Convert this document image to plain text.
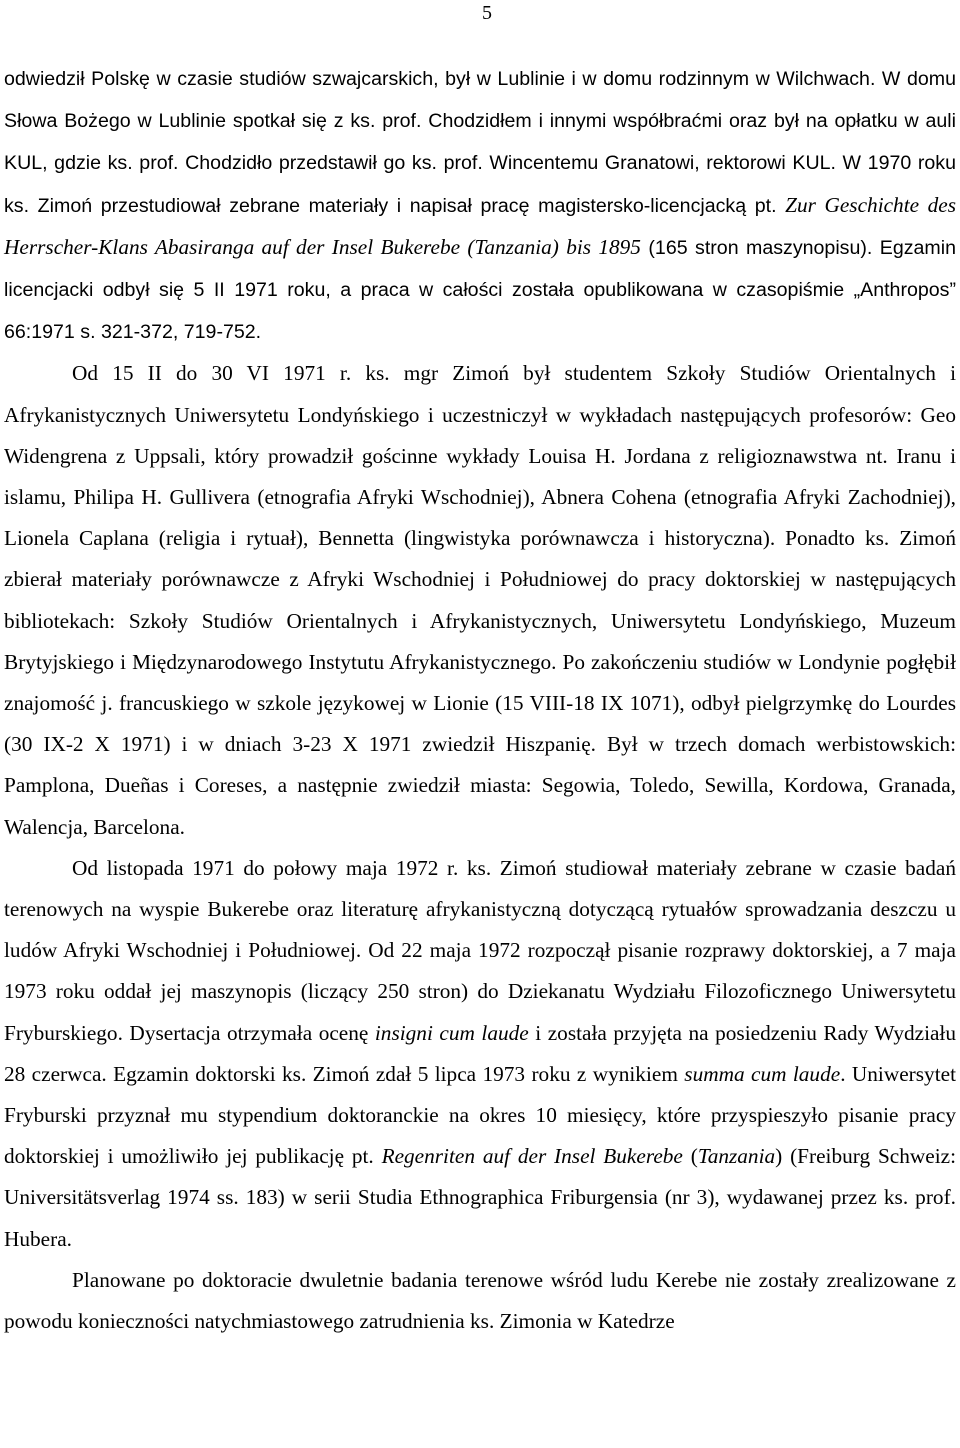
5

odwiedził Polskę w czasie studiów szwajcarskich, był w Lublinie i w domu rodzinnym w Wilchwach. W domu Słowa Bożego w Lublinie spotkał się z ks. prof. Chodzidłem i innymi współbraćmi oraz był na opłatku w auli KUL, gdzie ks. prof. Chodzidło przedstawił go ks. prof. Wincentemu Granatowi, rektorowi KUL. W 1970 roku ks. Zimoń przestudiował zebrane materiały i napisał pracę magistersko-licencjacką pt. Zur Geschichte des Herrscher-Klans Abasiranga auf der Insel Bukerebe (Tanzania) bis 1895 (165 stron maszynopisu). Egzamin licencjacki odbył się 5 II 1971 roku, a praca w całości została opublikowana w czasopiśmie „Anthropos” 66:1971 s. 321-372, 719-752.

Od 15 II do 30 VI 1971 r. ks. mgr Zimoń był studentem Szkoły Studiów Orientalnych i Afrykanistycznych Uniwersytetu Londyńskiego i uczestniczył w wykładach następujących profesorów: Geo Widengrena z Uppsali, który prowadził gościnne wykłady Louisa H. Jordana z religioznawstwa nt. Iranu i islamu, Philipa H. Gullivera (etnografia Afryki Wschodniej), Abnera Cohena (etnografia Afryki Zachodniej), Lionela Caplana (religia i rytuał), Bennetta (lingwistyka porównawcza i historyczna). Ponadto ks. Zimoń zbierał materiały porównawcze z Afryki Wschodniej i Południowej do pracy doktorskiej w następujących bibliotekach: Szkoły Studiów Orientalnych i Afrykanistycznych, Uniwersytetu Londyńskiego, Muzeum Brytyjskiego i Międzynarodowego Instytutu Afrykanistycznego. Po zakończeniu studiów w Londynie pogłębił znajomość j. francuskiego w szkole językowej w Lionie (15 VIII-18 IX 1071), odbył pielgrzymkę do Lourdes (30 IX-2 X 1971) i w dniach 3-23 X 1971 zwiedził Hiszpanię. Był w trzech domach werbistowskich: Pamplona, Dueñas i Coreses, a następnie zwiedził miasta: Segowia, Toledo, Sewilla, Kordowa, Granada, Walencja, Barcelona.

Od listopada 1971 do połowy maja 1972 r. ks. Zimoń studiował materiały zebrane w czasie badań terenowych na wyspie Bukerebe oraz literaturę afrykanistyczną dotyczącą rytuałów sprowadzania deszczu u ludów Afryki Wschodniej i Południowej. Od 22 maja 1972 rozpoczął pisanie rozprawy doktorskiej, a 7 maja 1973 roku oddał jej maszynopis (liczący 250 stron) do Dziekanatu Wydziału Filozoficznego Uniwersytetu Fryburskiego. Dysertacja otrzymała ocenę insigni cum laude i została przyjęta na posiedzeniu Rady Wydziału 28 czerwca. Egzamin doktorski ks. Zimoń zdał 5 lipca 1973 roku z wynikiem summa cum laude. Uniwersytet Fryburski przyznał mu stypendium doktoranckie na okres 10 miesięcy, które przyspieszyło pisanie pracy doktorskiej i umożliwiło jej publikację pt. Regenriten auf der Insel Bukerebe (Tanzania) (Freiburg Schweiz: Universitätsverlag 1974 ss. 183) w serii Studia Ethnographica Friburgensia (nr 3), wydawanej przez ks. prof. Hubera.

Planowane po doktoracie dwuletnie badania terenowe wśród ludu Kerebe nie zostały zrealizowane z powodu konieczności natychmiastowego zatrudnienia ks. Zimonia w Katedrze
